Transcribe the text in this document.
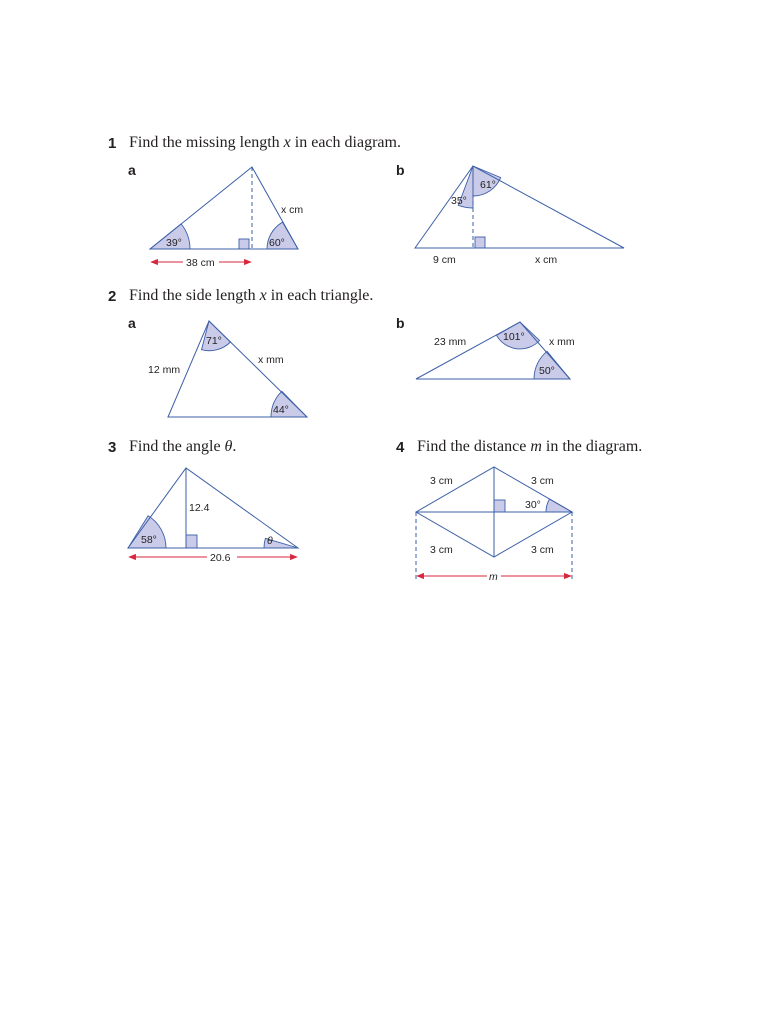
1 Find the missing length x in each diagram.
a	b
2 Find the side length x in each triangle.
a	b
3 Find the angle θ.	4 Find the distance m in the diagram.
39°	60°
x cm
38 cm
61°
35°
9 cm	x cm
71°
44°
12 mm
x mm
101°
50°
23 mm	x mm
58°	θ
12.4
20.6
3 cm	3 cm
3 cm	3 cm
30°
m
